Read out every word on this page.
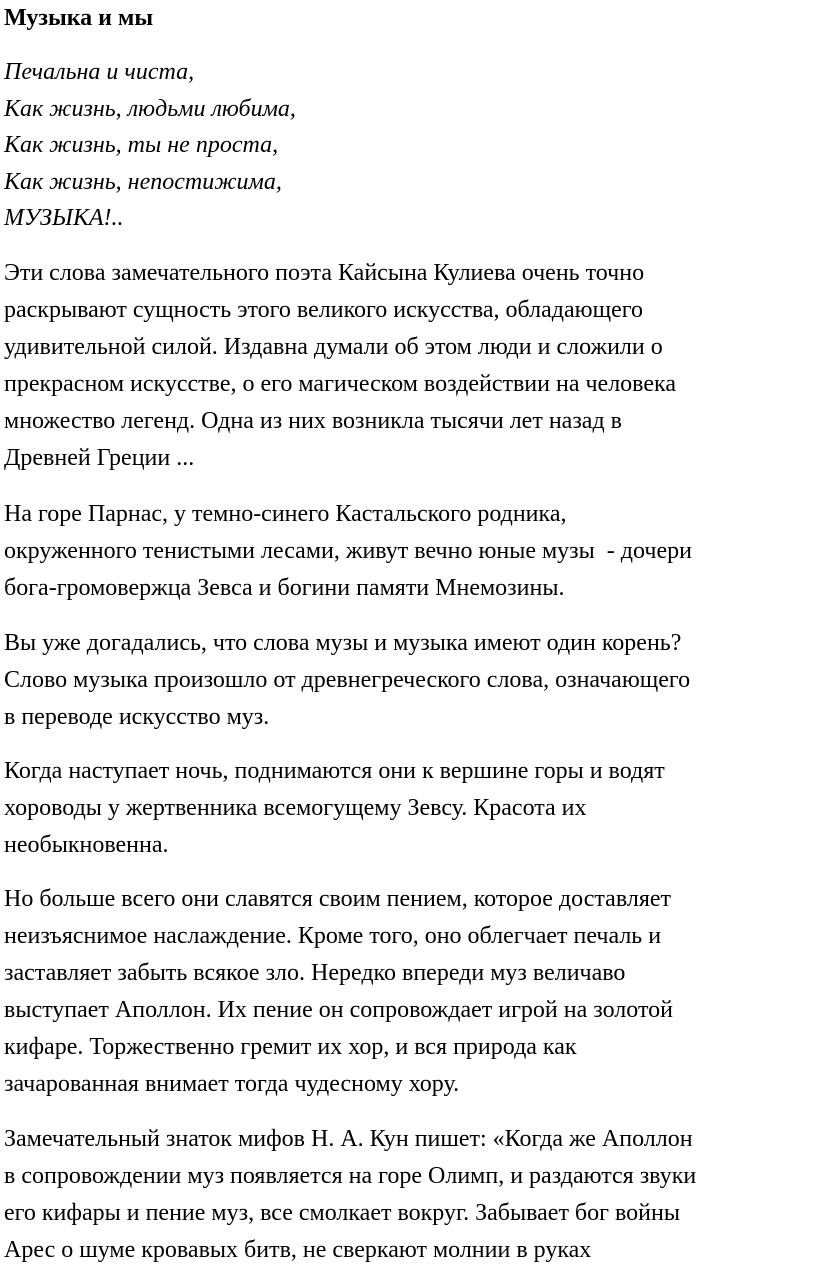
Музыка и мы
Печальна и чиста,
Как жизнь, людьми любима,
Как жизнь, ты не проста,
Как жизнь, непостижима,
МУЗЫКА!..
Эти слова замечательного поэта Кайсына Кулиева очень точно
раскрывают сущность этого великого искусства, обладающего
удивительной силой. Издавна думали об этом люди и сложили о
прекрасном искусстве, о его магическом воздействии на человека
множество легенд. Одна из них возникла тысячи лет назад в
Древней Греции ...
На горе Парнас, у темно-синего Кастальского родника,
окруженного тенистыми лесами, живут вечно юные музы  - дочери
бога-громовержца Зевса и богини памяти Мнемозины.
Вы уже догадались, что слова музы и музыка имеют один корень?
Слово музыка произошло от древнегреческого слова, означающего
в переводе искусство муз.
Когда наступает ночь, поднимаются они к вершине горы и водят
хороводы у жертвенника всемогущему Зевсу. Красота их
необыкновенна.
Но больше всего они славятся своим пением, которое доставляет
неизъяснимое наслаждение. Кроме того, оно облегчает печаль и
заставляет забыть всякое зло. Нередко впереди муз величаво
выступает Аполлон. Их пение он сопровождает игрой на золотой
кифаре. Торжественно гремит их хор, и вся природа как
зачарованная внимает тогда чудесному хору.
Замечательный знаток мифов Н. А. Кун пишет: «Когда же Аполлон
в сопровождении муз появляется на горе Олимп, и раздаются звуки
его кифары и пение муз, все смолкает вокруг. Забывает бог войны
Арес о шуме кровавых битв, не сверкают молнии в руках
